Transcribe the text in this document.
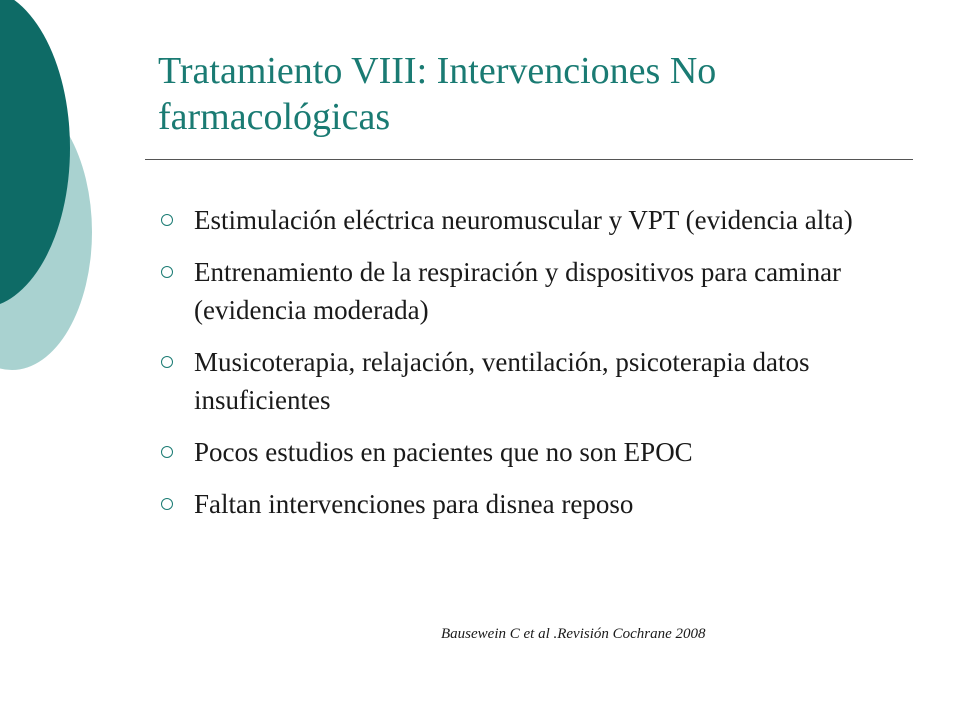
Tratamiento VIII: Intervenciones No farmacológicas
Estimulación eléctrica neuromuscular y VPT (evidencia alta)
Entrenamiento de la respiración y dispositivos para caminar (evidencia moderada)
Musicoterapia, relajación, ventilación, psicoterapia datos insuficientes
Pocos estudios en pacientes que no son EPOC
Faltan intervenciones para disnea reposo

Bausewein C et al .Revisión Cochrane 2008
